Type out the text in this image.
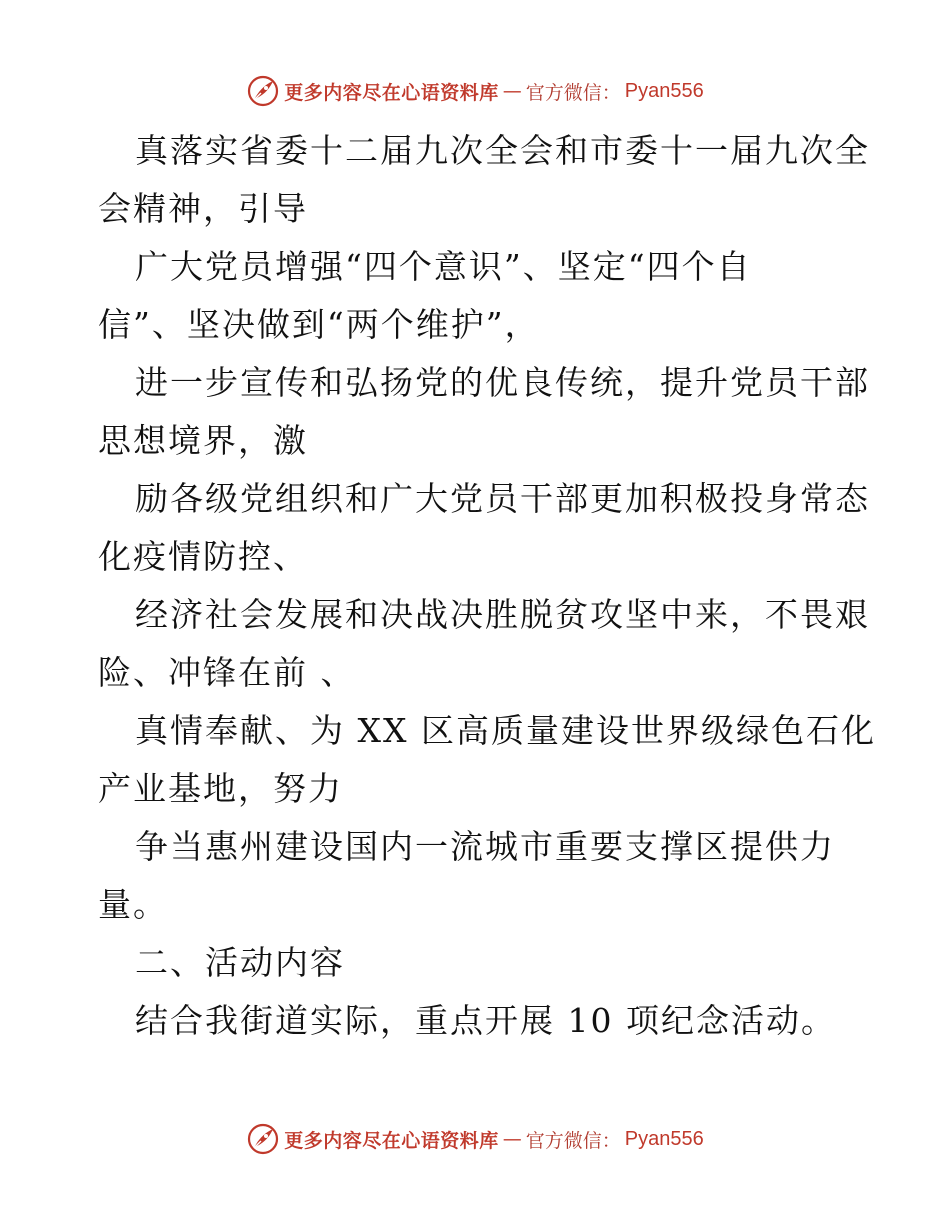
更多内容尽在心语资料库 — 官方微信： Pyan556
真落实省委十二届九次全会和市委十一届九次全
会精神，引导
广大党员增强“四个意识”、坚定“四个自
信”、坚决做到“两个维护”，
进一步宣传和弘扬党的优良传统，提升党员干部
思想境界，激
励各级党组织和广大党员干部更加积极投身常态
化疫情防控、
经济社会发展和决战决胜脱贫攻坚中来，不畏艰
险、冲锋在前 、
真情奉献、为 XX 区高质量建设世界级绿色石化
产业基地，努力
争当惠州建设国内一流城市重要支撑区提供力
量。
二、活动内容
结合我街道实际，重点开展 10 项纪念活动。
更多内容尽在心语资料库 — 官方微信： Pyan556
